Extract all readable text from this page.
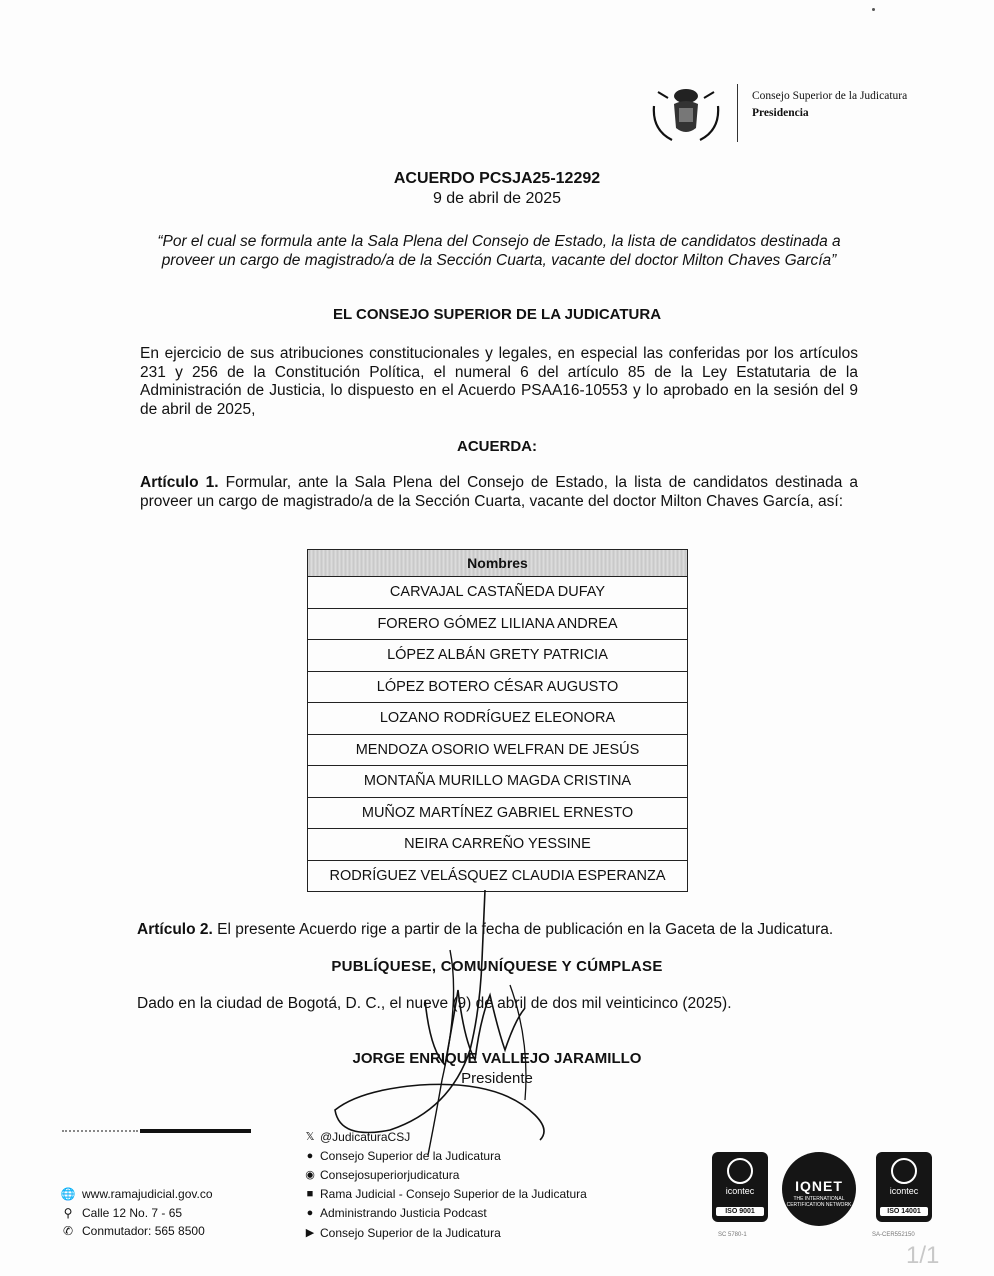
Consejo Superior de la Judicatura
Presidencia
ACUERDO PCSJA25-12292
9 de abril de 2025
“Por el cual se formula ante la Sala Plena del Consejo de Estado, la lista de candidatos destinada a proveer un cargo de magistrado/a de la Sección Cuarta, vacante del doctor Milton Chaves García”
EL CONSEJO SUPERIOR DE LA JUDICATURA
En ejercicio de sus atribuciones constitucionales y legales, en especial las conferidas por los artículos 231 y 256 de la Constitución Política, el numeral 6 del artículo 85 de la Ley Estatutaria de la Administración de Justicia, lo dispuesto en el Acuerdo PSAA16-10553 y lo aprobado en la sesión del 9 de abril de 2025,
ACUERDA:
Artículo 1. Formular, ante la Sala Plena del Consejo de Estado, la lista de candidatos destinada a proveer un cargo de magistrado/a de la Sección Cuarta, vacante del doctor Milton Chaves García, así:
Nombres
CARVAJAL CASTAÑEDA DUFAY
FORERO GÓMEZ LILIANA ANDREA
LÓPEZ ALBÁN GRETY PATRICIA
LÓPEZ BOTERO CÉSAR AUGUSTO
LOZANO RODRÍGUEZ ELEONORA
MENDOZA OSORIO WELFRAN DE JESÚS
MONTAÑA MURILLO MAGDA CRISTINA
MUÑOZ MARTÍNEZ GABRIEL ERNESTO
NEIRA CARREÑO YESSINE
RODRÍGUEZ VELÁSQUEZ CLAUDIA ESPERANZA
Artículo 2. El presente Acuerdo rige a partir de la fecha de publicación en la Gaceta de la Judicatura.
PUBLÍQUESE, COMUNÍQUESE Y CÚMPLASE
Dado en la ciudad de Bogotá, D. C., el nueve (9) de abril de dos mil veinticinco (2025).
JORGE ENRIQUE VALLEJO JARAMILLO
Presidente
🌐 www.ramajudicial.gov.co
⚲ Calle 12 No. 7 - 65
✆ Conmutador: 565 8500
𝕏 @JudicaturaCSJ
● Consejo Superior de la Judicatura
◉ Consejosuperiorjudicatura
■ Rama Judicial - Consejo Superior de la Judicatura
● Administrando Justicia Podcast
▶ Consejo Superior de la Judicatura
icontec
ISO 9001
SC 5780-1
IQNET
THE INTERNATIONAL CERTIFICATION NETWORK
icontec
ISO 14001
SA-CER552150
1/1
